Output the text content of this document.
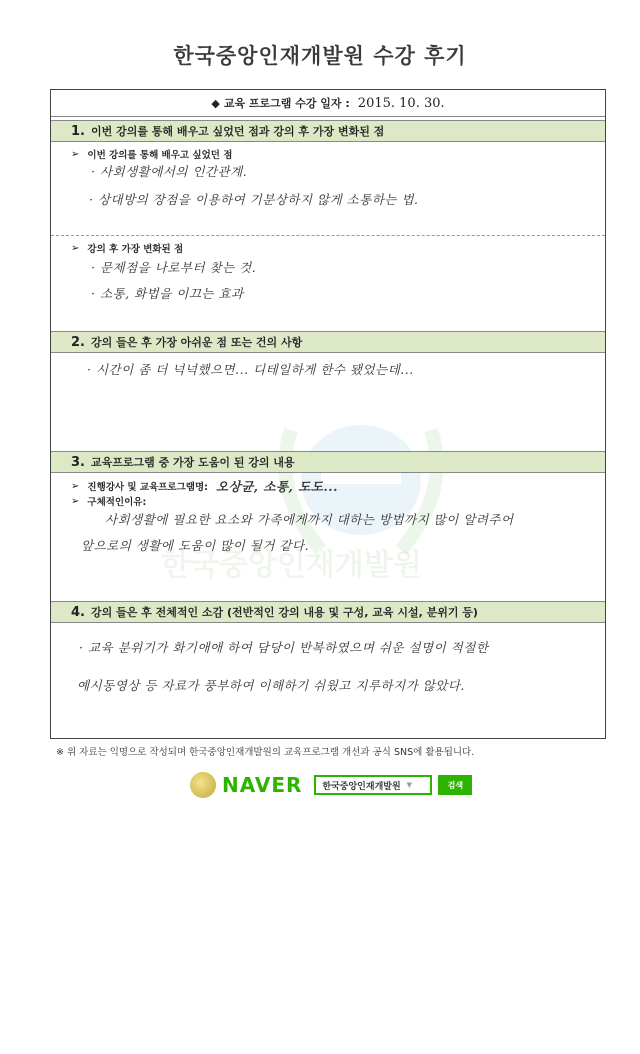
한국중앙인재개발원 수강 후기
◆ 교육 프로그램 수강 일자 : 2015. 10. 30.
1. 이번 강의를 통해 배우고 싶었던 점과 강의 후 가장 변화된 점
➢ 이번 강의를 통해 배우고 싶었던 점
· 사회생활에서의 인간관계.
· 상대방의 장점을 이용하여 기분상하지 않게 소통하는 법.
➢ 강의 후 가장 변화된 점
· 문제점을 나로부터 찾는 것.
· 소통, 화법을 이끄는 효과
2. 강의 들은 후 가장 아쉬운 점 또는 건의 사항
· 시간이 좀 더 넉넉했으면... 디테일하게 한수 됐었는데...
3. 교육프로그램 중 가장 도움이 된 강의 내용
➢ 진행강사 및 교육프로그램명: 오상균, 소통, 도도...
➢ 구체적인이유:
사회생활에 필요한 요소와 가족에게까지 대하는 방법까지 많이 알려주어
앞으로의 생활에 도움이 많이 될거 같다.
4. 강의 들은 후 전체적인 소감 (전반적인 강의 내용 및 구성, 교육 시설, 분위기 등)
· 교육 분위기가 화기애애 하여 담당이 반복하였으며 쉬운 설명이 적절한
예시동영상 등 자료가 풍부하여 이해하기 쉬웠고 지루하지가 않았다.
한국중앙인재개발원
※ 위 자료는 익명으로 작성되며 한국중앙인재개발원의 교육프로그램 개선과 공식 SNS에 활용됩니다.
NAVER 한국중앙인재개발원 ▼	검색
